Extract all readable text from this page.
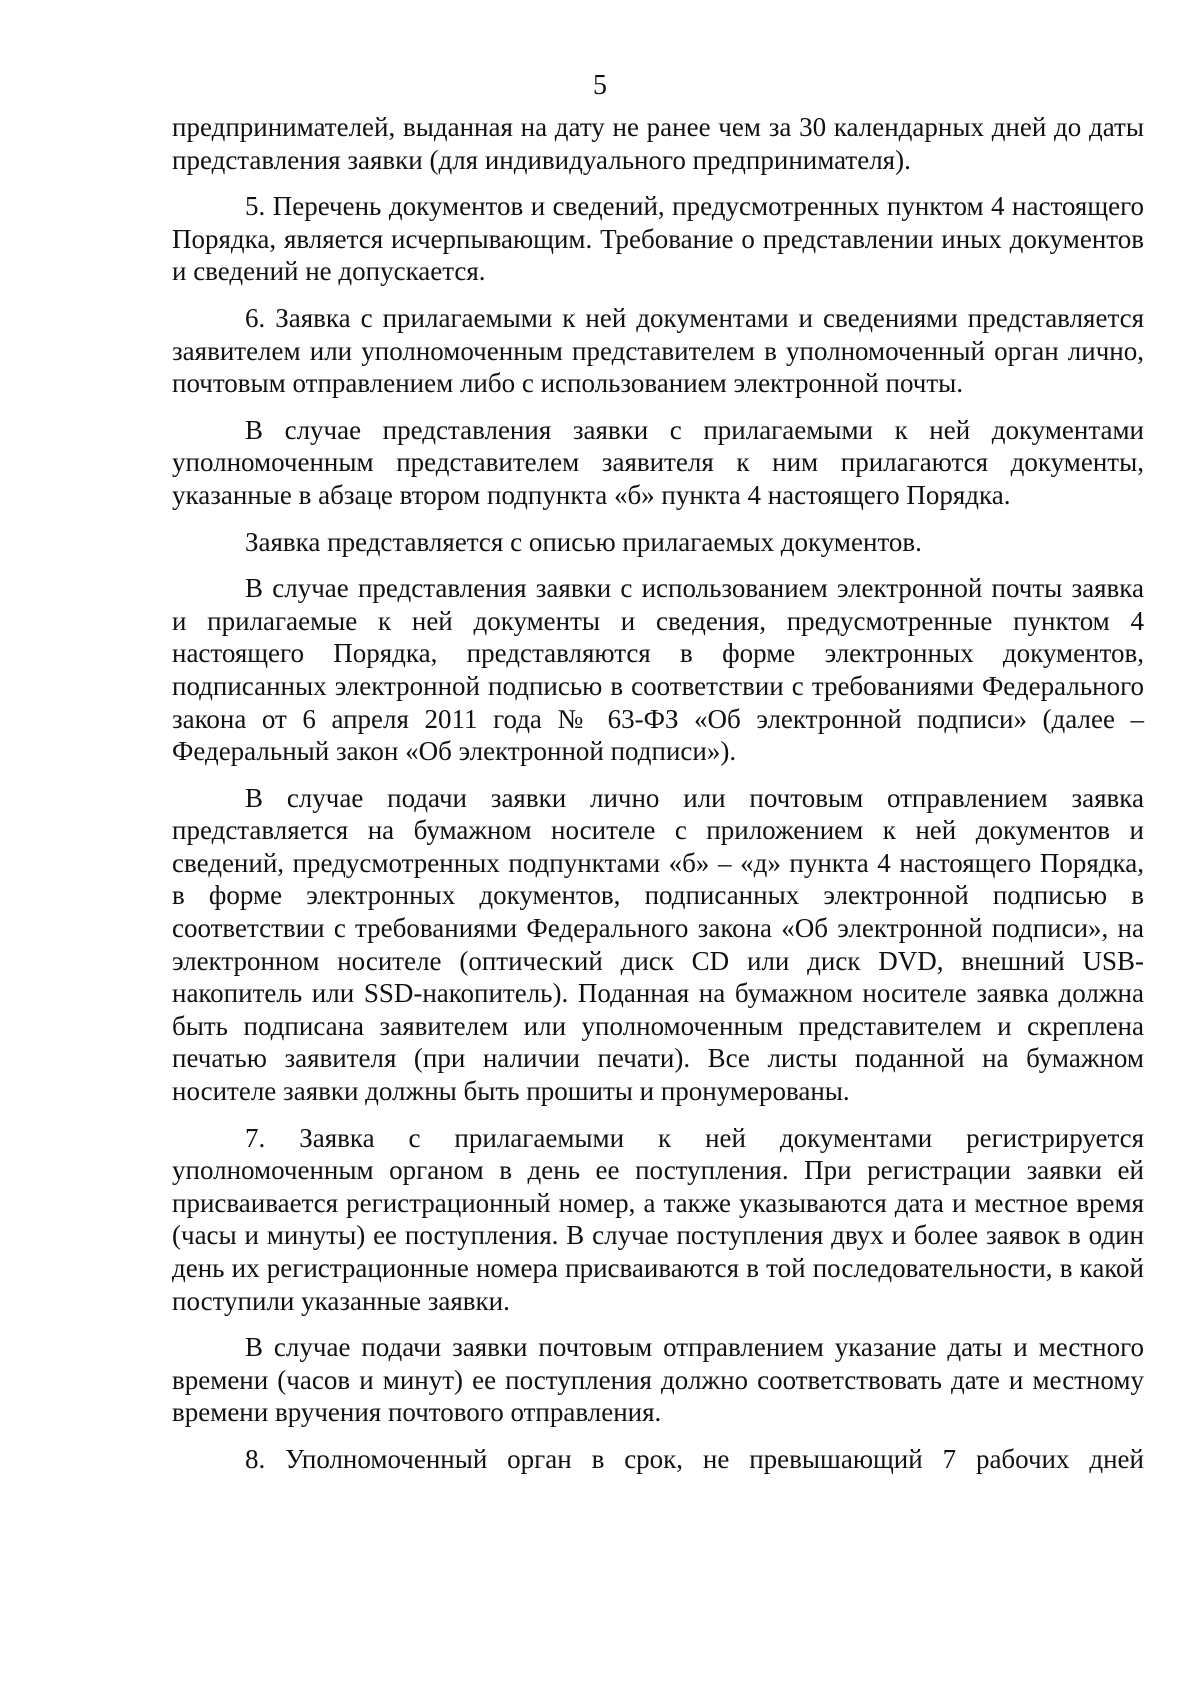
5

предпринимателей, выданная на дату не ранее чем за 30 календарных дней до даты представления заявки (для индивидуального предпринимателя).

5. Перечень документов и сведений, предусмотренных пунктом 4 настоящего Порядка, является исчерпывающим. Требование о представлении иных документов и сведений не допускается.

6. Заявка с прилагаемыми к ней документами и сведениями представляется заявителем или уполномоченным представителем в уполномоченный орган лично, почтовым отправлением либо с использованием электронной почты.

В случае представления заявки с прилагаемыми к ней документами уполномоченным представителем заявителя к ним прилагаются документы, указанные в абзаце втором подпункта «б» пункта 4 настоящего Порядка.

Заявка представляется с описью прилагаемых документов.

В случае представления заявки с использованием электронной почты заявка и прилагаемые к ней документы и сведения, предусмотренные пунктом 4 настоящего Порядка, представляются в форме электронных документов, подписанных электронной подписью в соответствии с требованиями Федерального закона от 6 апреля 2011 года № 63-ФЗ «Об электронной подписи» (далее – Федеральный закон «Об электронной подписи»).

В случае подачи заявки лично или почтовым отправлением заявка представляется на бумажном носителе с приложением к ней документов и сведений, предусмотренных подпунктами «б» – «д» пункта 4 настоящего Порядка, в форме электронных документов, подписанных электронной подписью в соответствии с требованиями Федерального закона «Об электронной подписи», на электронном носителе (оптический диск CD или диск DVD, внешний USB-накопитель или SSD-накопитель). Поданная на бумажном носителе заявка должна быть подписана заявителем или уполномоченным представителем и скреплена печатью заявителя (при наличии печати). Все листы поданной на бумажном носителе заявки должны быть прошиты и пронумерованы.

7. Заявка с прилагаемыми к ней документами регистрируется уполномоченным органом в день ее поступления. При регистрации заявки ей присваивается регистрационный номер, а также указываются дата и местное время (часы и минуты) ее поступления. В случае поступления двух и более заявок в один день их регистрационные номера присваиваются в той последовательности, в какой поступили указанные заявки.

В случае подачи заявки почтовым отправлением указание даты и местного времени (часов и минут) ее поступления должно соответствовать дате и местному времени вручения почтового отправления.

8. Уполномоченный орган в срок, не превышающий 7 рабочих дней
